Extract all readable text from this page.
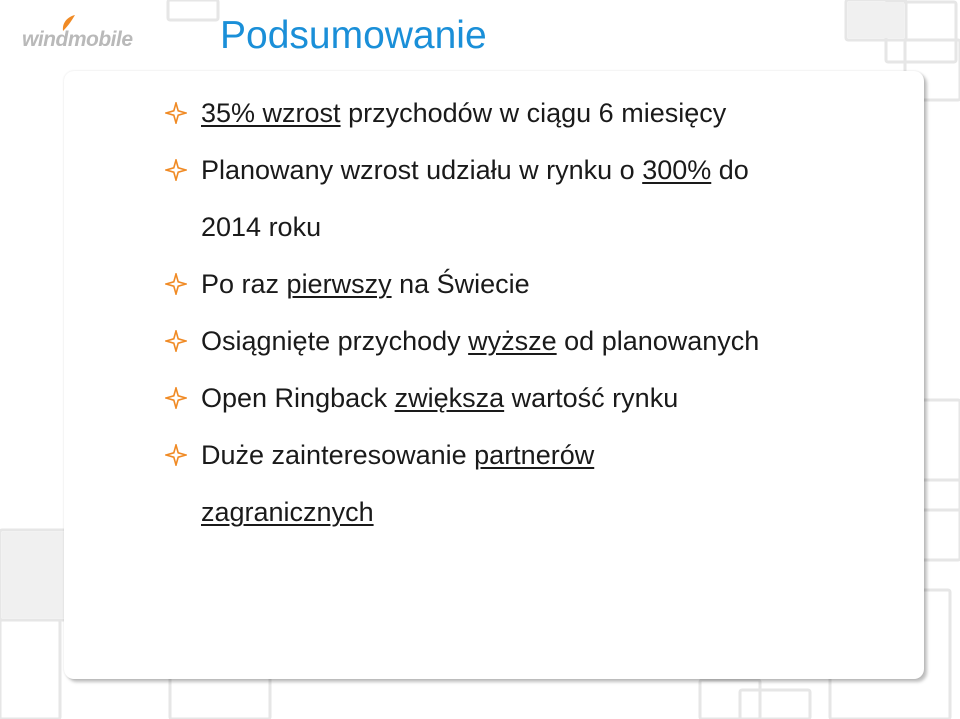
windmobile Podsumowanie
35% wzrost przychodów w ciągu 6 miesięcy
Planowany wzrost udziału w rynku o 300% do 2014 roku
Po raz pierwszy na Świecie
Osiągnięte przychody wyższe od planowanych
Open Ringback zwiększa wartość rynku
Duże zainteresowanie partnerów zagranicznych
